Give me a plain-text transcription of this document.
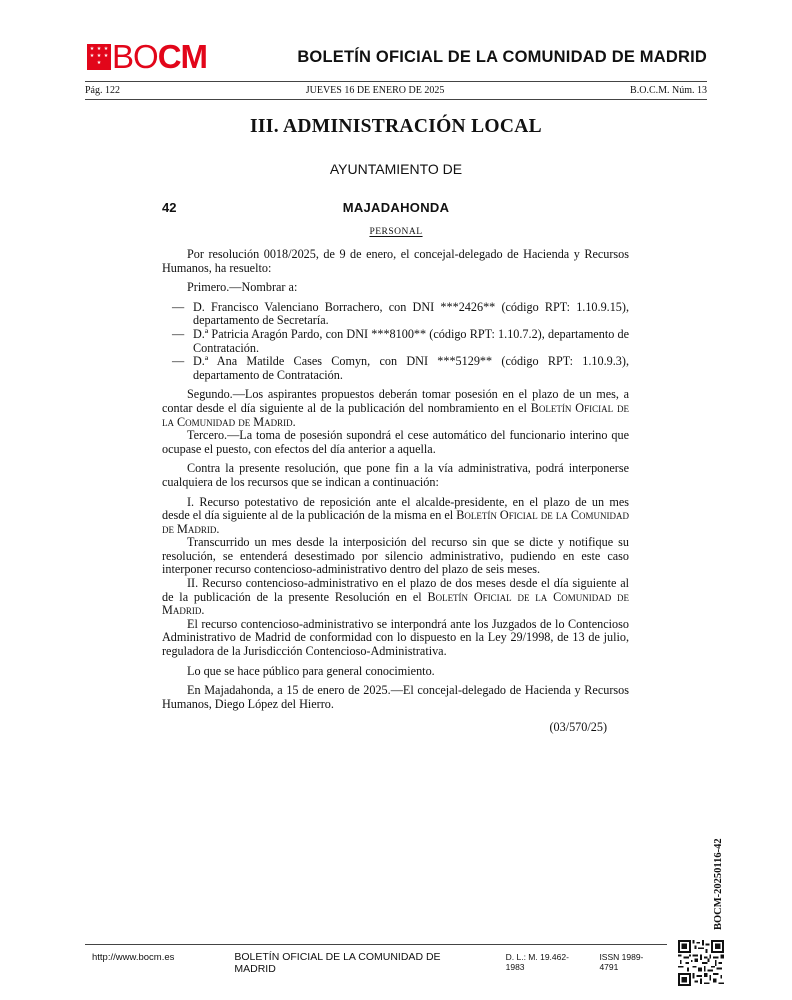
★ ★ ★
★ ★ ★
★ BOCM	BOLETÍN OFICIAL DE LA COMUNIDAD DE MADRID
Pág. 122	JUEVES 16 DE ENERO DE 2025	B.O.C.M. Núm. 13
III. ADMINISTRACIÓN LOCAL
AYUNTAMIENTO DE
42	MAJADAHONDA
PERSONAL

Por resolución 0018/2025, de 9 de enero, el concejal-delegado de Hacienda y Recursos Humanos, ha resuelto:

Primero.—Nombrar a:

— D. Francisco Valenciano Borrachero, con DNI ***2426** (código RPT: 1.10.9.15), departamento de Secretaría.
— D.ª Patricia Aragón Pardo, con DNI ***8100** (código RPT: 1.10.7.2), departamento de Contratación.
— D.ª Ana Matilde Cases Comyn, con DNI ***5129** (código RPT: 1.10.9.3), departamento de Contratación.

Segundo.—Los aspirantes propuestos deberán tomar posesión en el plazo de un mes, a contar desde el día siguiente al de la publicación del nombramiento en el Boletín Oficial de la Comunidad de Madrid.

Tercero.—La toma de posesión supondrá el cese automático del funcionario interino que ocupase el puesto, con efectos del día anterior a aquella.

Contra la presente resolución, que pone fin a la vía administrativa, podrá interponerse cualquiera de los recursos que se indican a continuación:

I. Recurso potestativo de reposición ante el alcalde-presidente, en el plazo de un mes desde el día siguiente al de la publicación de la misma en el Boletín Oficial de la Comunidad de Madrid.

Transcurrido un mes desde la interposición del recurso sin que se dicte y notifique su resolución, se entenderá desestimado por silencio administrativo, pudiendo en este caso interponer recurso contencioso-administrativo dentro del plazo de seis meses.

II. Recurso contencioso-administrativo en el plazo de dos meses desde el día siguiente al de la publicación de la presente Resolución en el Boletín Oficial de la Comunidad de Madrid.

El recurso contencioso-administrativo se interpondrá ante los Juzgados de lo Contencioso Administrativo de Madrid de conformidad con lo dispuesto en la Ley 29/1998, de 13 de julio, reguladora de la Jurisdicción Contencioso-Administrativa.

Lo que se hace público para general conocimiento.

En Majadahonda, a 15 de enero de 2025.—El concejal-delegado de Hacienda y Recursos Humanos, Diego López del Hierro.

(03/570/25)
BOCM-20250116-42
http://www.bocm.es	BOLETÍN OFICIAL DE LA COMUNIDAD DE MADRID
D. L.: M. 19.462-1983
ISSN 1989-4791
